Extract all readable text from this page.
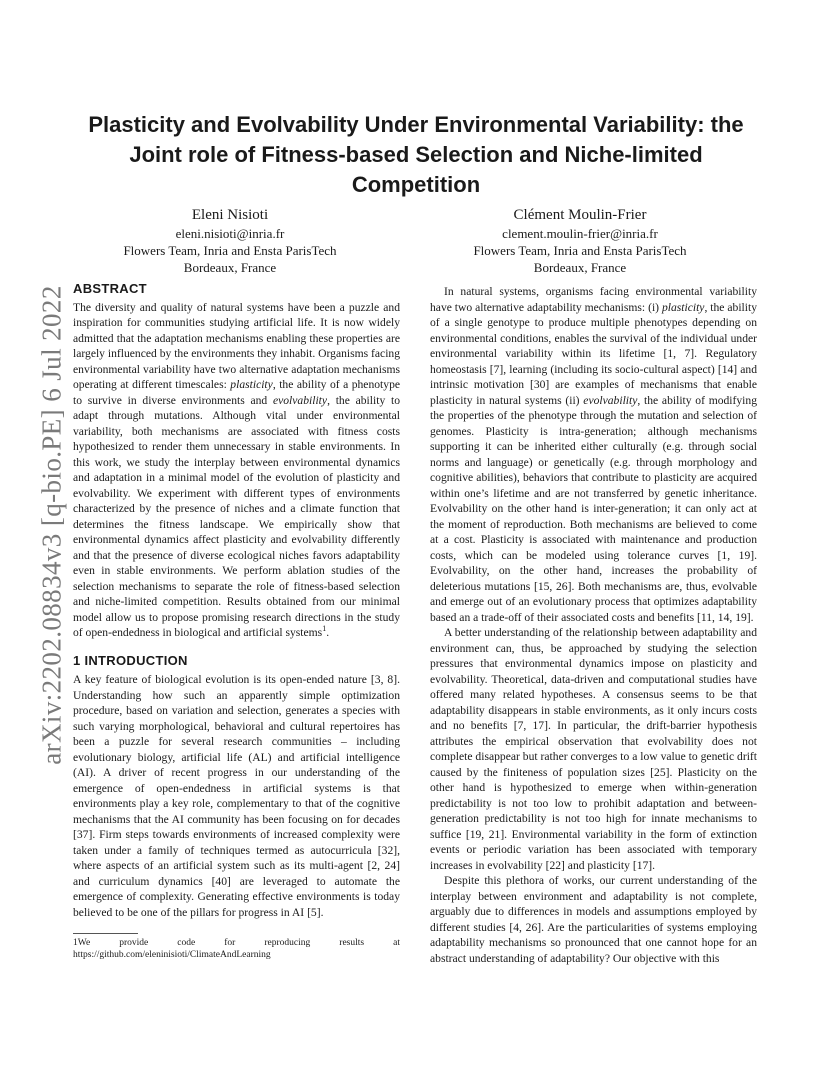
arXiv:2202.08834v3 [q-bio.PE] 6 Jul 2022
Plasticity and Evolvability Under Environmental Variability: the Joint role of Fitness-based Selection and Niche-limited Competition
Eleni Nisioti
eleni.nisioti@inria.fr
Flowers Team, Inria and Ensta ParisTech
Bordeaux, France
Clément Moulin-Frier
clement.moulin-frier@inria.fr
Flowers Team, Inria and Ensta ParisTech
Bordeaux, France
ABSTRACT

The diversity and quality of natural systems have been a puzzle and inspiration for communities studying artificial life. It is now widely admitted that the adaptation mechanisms enabling these properties are largely influenced by the environments they inhabit. Organisms facing environmental variability have two alternative adaptation mechanisms operating at different timescales: plasticity, the ability of a phenotype to survive in diverse environments and evolvability, the ability to adapt through mutations. Although vital under environmental variability, both mechanisms are associated with fitness costs hypothesized to render them unnecessary in stable environments. In this work, we study the interplay between environmental dynamics and adaptation in a minimal model of the evolution of plasticity and evolvability. We experiment with different types of environments characterized by the presence of niches and a climate function that determines the fitness landscape. We empirically show that environmental dynamics affect plasticity and evolvability differently and that the presence of diverse ecological niches favors adaptability even in stable environments. We perform ablation studies of the selection mechanisms to separate the role of fitness-based selection and niche-limited competition. Results obtained from our minimal model allow us to propose promising research directions in the study of open-endedness in biological and artificial systems$^1$.

1 INTRODUCTION

A key feature of biological evolution is its open-ended nature [3, 8]. Understanding how such an apparently simple optimization procedure, based on variation and selection, generates a species with such varying morphological, behavioral and cultural repertoires has been a puzzle for several research communities – including evolutionary biology, artificial life (AL) and artificial intelligence (AI). A driver of recent progress in our understanding of the emergence of open-endedness in artificial systems is that environments play a key role, complementary to that of the cognitive mechanisms that the AI community has been focusing on for decades [37]. Firm steps towards environments of increased complexity were taken under a family of techniques termed as autocurricula [32], where aspects of an artificial system such as its multi-agent [2, 24] and curriculum dynamics [40] are leveraged to automate the emergence of complexity. Generating effective environments is today believed to be one of the pillars for progress in AI [5].

1We provide code for reproducing results at https://github.com/eleninisioti/ClimateAndLearning

In natural systems, organisms facing environmental variability have two alternative adaptability mechanisms: (i) plasticity, the ability of a single genotype to produce multiple phenotypes depending on environmental conditions, enables the survival of the individual under environmental variability within its lifetime [1, 7]. Regulatory homeostasis [7], learning (including its socio-cultural aspect) [14] and intrinsic motivation [30] are examples of mechanisms that enable plasticity in natural systems (ii) evolvability, the ability of modifying the properties of the phenotype through the mutation and selection of genomes. Plasticity is intra-generation; although mechanisms supporting it can be inherited either culturally (e.g. through social norms and language) or genetically (e.g. through morphology and cognitive abilities), behaviors that contribute to plasticity are acquired within one’s lifetime and are not transferred by genetic inheritance. Evolvability on the other hand is inter-generation; it can only act at the moment of reproduction. Both mechanisms are believed to come at a cost. Plasticity is associated with maintenance and production costs, which can be modeled using tolerance curves [1, 19]. Evolvability, on the other hand, increases the probability of deleterious mutations [15, 26]. Both mechanisms are, thus, evolvable and emerge out of an evolutionary process that optimizes adaptability based an a trade-off of their associated costs and benefits [11, 14, 19].

A better understanding of the relationship between adaptability and environment can, thus, be approached by studying the selection pressures that environmental dynamics impose on plasticity and evolvability. Theoretical, data-driven and computational studies have offered many related hypotheses. A consensus seems to be that adaptability disappears in stable environments, as it only incurs costs and no benefits [7, 17]. In particular, the drift-barrier hypothesis attributes the empirical observation that evolvability does not complete disappear but rather converges to a low value to genetic drift caused by the finiteness of population sizes [25]. Plasticity on the other hand is hypothesized to emerge when within-generation predictability is not too low to prohibit adaptation and between-generation predictability is not too high for innate mechanisms to suffice [19, 21]. Environmental variability in the form of extinction events or periodic variation has been associated with temporary increases in evolvability [22] and plasticity [17].

Despite this plethora of works, our current understanding of the interplay between environment and adaptability is not complete, arguably due to differences in models and assumptions employed by different studies [4, 26]. Are the particularities of systems employing adaptability mechanisms so pronounced that one cannot hope for an abstract understanding of adaptability? Our objective with this
